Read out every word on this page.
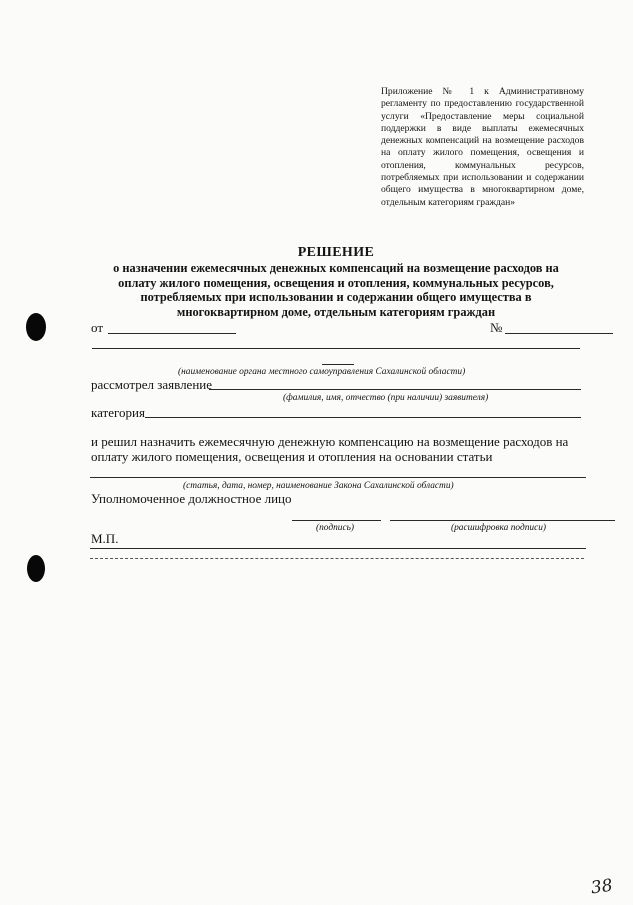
Приложение № 1 к Административному регламенту по предоставлению государственной услуги «Предоставление меры социальной поддержки в виде выплаты ежемесячных денежных компенсаций на возмещение расходов на оплату жилого помещения, освещения и отопления, коммунальных ресурсов, потребляемых при использовании и содержании общего имущества в многоквартирном доме, отдельным категориям граждан»
РЕШЕНИЕ
о назначении ежемесячных денежных компенсаций на возмещение расходов на
оплату жилого помещения, освещения и отопления, коммунальных ресурсов,
потребляемых при использовании и содержании общего имущества в
многоквартирном доме, отдельным категориям граждан
от	№
(наименование органа местного самоуправления Сахалинской области)
рассмотрел заявление
(фамилия, имя, отчество (при наличии) заявителя)
категория
и решил назначить ежемесячную денежную компенсацию на возмещение расходов на
оплату жилого помещения, освещения и отопления на основании статьи
(статья, дата, номер, наименование Закона Сахалинской области)
Уполномоченное должностное лицо
(подпись)	(расшифровка подписи)
М.П.
38
